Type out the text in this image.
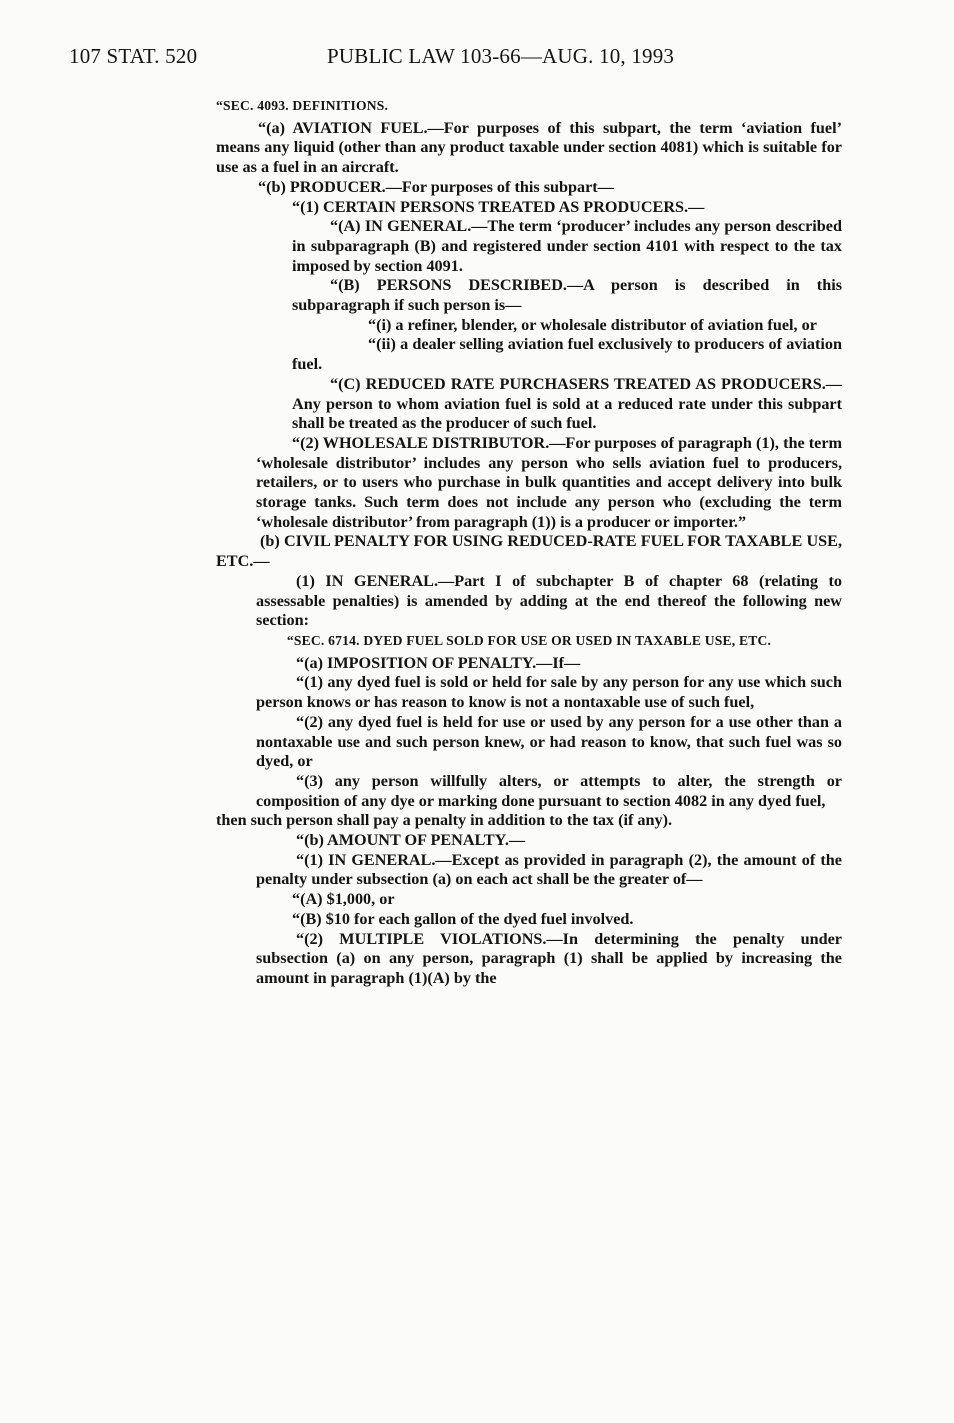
107 STAT. 520	PUBLIC LAW 103-66—AUG. 10, 1993

“SEC. 4093. DEFINITIONS.

“(a) AVIATION FUEL.—For purposes of this subpart, the term ‘aviation fuel’ means any liquid (other than any product taxable under section 4081) which is suitable for use as a fuel in an aircraft.

“(b) PRODUCER.—For purposes of this subpart—

“(1) CERTAIN PERSONS TREATED AS PRODUCERS.—

“(A) IN GENERAL.—The term ‘producer’ includes any person described in subparagraph (B) and registered under section 4101 with respect to the tax imposed by section 4091.

“(B) PERSONS DESCRIBED.—A person is described in this subparagraph if such person is—

“(i) a refiner, blender, or wholesale distributor of aviation fuel, or

“(ii) a dealer selling aviation fuel exclusively to producers of aviation fuel.

“(C) REDUCED RATE PURCHASERS TREATED AS PRODUCERS.—Any person to whom aviation fuel is sold at a reduced rate under this subpart shall be treated as the producer of such fuel.

“(2) WHOLESALE DISTRIBUTOR.—For purposes of paragraph (1), the term ‘wholesale distributor’ includes any person who sells aviation fuel to producers, retailers, or to users who purchase in bulk quantities and accept delivery into bulk storage tanks. Such term does not include any person who (excluding the term ‘wholesale distributor’ from paragraph (1)) is a producer or importer.”

(b) CIVIL PENALTY FOR USING REDUCED-RATE FUEL FOR TAXABLE USE, ETC.—

(1) IN GENERAL.—Part I of subchapter B of chapter 68 (relating to assessable penalties) is amended by adding at the end thereof the following new section:

“SEC. 6714. DYED FUEL SOLD FOR USE OR USED IN TAXABLE USE, ETC.

“(a) IMPOSITION OF PENALTY.—If—

“(1) any dyed fuel is sold or held for sale by any person for any use which such person knows or has reason to know is not a nontaxable use of such fuel,

“(2) any dyed fuel is held for use or used by any person for a use other than a nontaxable use and such person knew, or had reason to know, that such fuel was so dyed, or

“(3) any person willfully alters, or attempts to alter, the strength or composition of any dye or marking done pursuant to section 4082 in any dyed fuel,

then such person shall pay a penalty in addition to the tax (if any).

“(b) AMOUNT OF PENALTY.—

“(1) IN GENERAL.—Except as provided in paragraph (2), the amount of the penalty under subsection (a) on each act shall be the greater of—

“(A) $1,000, or

“(B) $10 for each gallon of the dyed fuel involved.

“(2) MULTIPLE VIOLATIONS.—In determining the penalty under subsection (a) on any person, paragraph (1) shall be applied by increasing the amount in paragraph (1)(A) by the
